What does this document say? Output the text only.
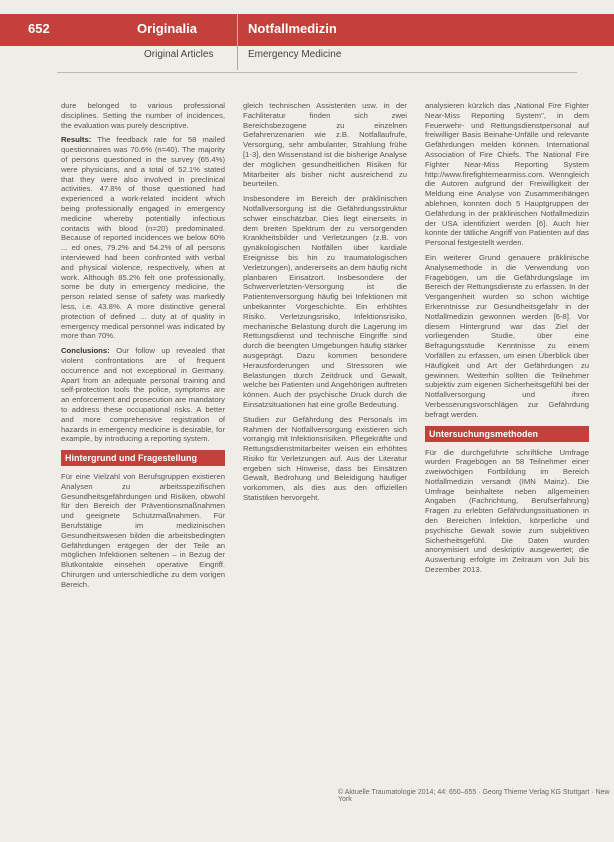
652	Originalia	Notfallmedizin
Original Articles	Emergency Medicine

dure belonged to various professional disciplines. Setting the number of incidences, the evaluation was purely descriptive.

Results: The feedback rate for 58 mailed questionnaires was 70.6% (n=40). The majority of persons questioned in the survey (65.4%) were physicians, and a total of 52.1% stated that they were also involved in preclinical activities. 47.8% of those questioned had experienced a work-related incident which being professionally engaged in emergency medicine whereby potentially infectious contacts with blood (n=20) predominated. Because of reported incidences we below 60% ... ed ones, 79.2% and 54.2% of all persons interviewed had been confronted with verbal and physical violence, respectively, when at work. Although 85.2% felt one professionally, some be duty in emergency medicine, the person related sense of safety was markedly less, i.e. 43.8%. A more distinctive general protection of defined ... duty at of quality in emergency medical personnel was indicated by more than 70%.

Conclusions: Our follow up revealed that violent confrontations are of frequent occurrence and not exceptional in Germany. Apart from an adequate personal training and self-protection tools the police, symptoms are an enforcement and prosecution are mandatory to address these occupational risks. A better and more comprehensive registration of hazards in emergency medicine is desirable, for example, by introducing a reporting system.

Hintergrund und Fragestellung

Für eine Vielzahl von Berufsgruppen existieren Analysen zu arbeitsspezifischen Gesundheitsgefährdungen und Risiken, obwohl für den Bereich der Präventionsmaßnahmen und geeignete Schutzmaßnahmen. Für Berufstätige im medizinischen Gesundheitswesen bilden die arbeitsbedingten Gefährdungen entgegen der der Teile an möglichen Infektionen seltenen – in Bezug der Blutkontakte einsehen operative Eingriff. Chirurgen und unterschiedliche zu dem vorigen Bereich.

gleich technischen Assistenten usw. in der Fachliteratur finden sich zwei Bereichsbezogene zu einzelnen Gefahrenzenarien wie z.B. Notfallaufrufe, Versorgung, sehr ambulanter, Strahlung frühe [1-3], den Wissenstand ist die bisherige Analyse der möglichen gesundheitlichen Risiken für Mitarbeiter als bisher nicht ausreichend zu beurteilen.

Insbesondere im Bereich der präklinischen Notfallversorgung ist die Gefährdungsstruktur schwer einschätzbar. Dies liegt einerseits in dem breiten Spektrum der zu versorgenden Krankheitsbilder und Verletzungen (z.B. von gynäkologischen Notfällen über kardiale Ereignisse bis hin zu traumatologischen Verletzungen), andererseits an dem häufig nicht planbaren Einsatzort. Insbesondere der Schwerverletzten-Versorgung ist die Patientenversorgung häufig bei Infektionen mit unbekannter Vorgeschichte. Ein erhöhtes Risiko. Verletzungsrisiko, Infektionsrisiko, mechanische Belastung durch die Lagerung im Rettungsdienst und technische Eingriffe sind durch die beengten Umgebungen häufig stärker ausgeprägt. Dazu kommen besondere Herausforderungen und Stressoren wie Belastungen durch Zeitdruck und Gewalt, welche bei Patienten und Angehörigen auftreten können. Auch der psychische Druck durch die Einsatzsituationen hat eine große Bedeutung.

Studien zur Gefährdung des Personals im Rahmen der Notfallversorgung existieren sich vorrangig mit Infektionsrisiken. Pflegekräfte und Rettungsdienstmitarbeiter weisen ein erhöhtes Risiko für Verletzungen auf. Aus der Literatur ergeben sich Hinweise, dass bei Einsätzen Gewalt, Bedrohung und Beleidigung häufiger vorkommen, als dies aus den offiziellen Statistiken hervorgeht.

analysieren kürzlich das „National Fire Fighter Near-Miss Reporting System", in dem Feuerwehr- und Rettungsdienstpersonal auf freiwilliger Basis Beinahe-Unfälle und relevante Gefährdungen melden können. International Association of Fire Chiefs. The National Fire Fighter Near-Miss Reporting System http://www.firefighternearmiss.com. Wenngleich die Autoren aufgrund der Freiwilligkeit der Meldung eine Analyse von Zusammenhängen ablehnen, konnten doch 5 Hauptgruppen der Gefährdung in der präklinischen Notfallmedizin der USA identifiziert werden [6]. Auch hier konnte der tätliche Angriff von Patienten auf das Personal festgestellt werden.

Ein weiterer Grund genauere präklinische Analysemethode in die Verwendung von Fragebögen, um die Gefährdungslage im Bereich der Rettungsdienste zu erfassen. In der Vergangenheit wurden so schon wichtige Erkenntnisse zur Gesundheitsgefahr in der Notfallmedizin gewonnen werden [6-8]. Vor diesem Hintergrund war das Ziel der vorliegenden Studie, über eine Befragungsstudie Kenntnisse zu einem Vorfällen zu erfassen, um einen Überblick über Häufigkeit und Art der Gefährdungen zu gewinnen. Weiterhin sollten die Teilnehmer subjektiv zum eigenen Sicherheitsgefühl bei der Notfallversorgung und ihren Verbesserungsvorschlägen zur Gefährdung befragt werden.

Untersuchungsmethoden

Für die durchgeführte schriftliche Umfrage wurden Fragebögen an 58 Teilnehmer einer zweiwöchigen Fortbildung im Bereich Notfallmedizin versandt (IMN Mainz). Die Umfrage beinhaltete neben allgemeinen Angaben (Fachrichtung, Berufserfahrung) Fragen zu erlebten Gefährdungssituationen in den Bereichen Infektion, körperliche und psychische Gewalt sowie zum subjektiven Sicherheitsgefühl. Die Daten wurden anonymisiert und deskriptiv ausgewertet; die Auswertung erfolgte im Zeitraum von Juli bis Dezember 2013.

© Aktuelle Traumatologie 2014; 44: 650–655 · Georg Thieme Verlag KG Stuttgart · New York
